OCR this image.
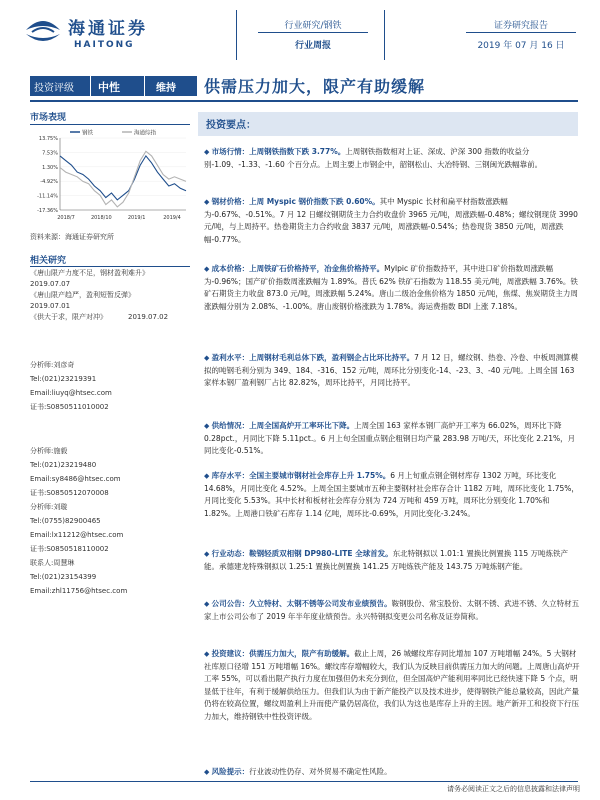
海通证券
HAITONG
行业研究/钢铁
行业周报
证券研究报告
2019 年 07 月 16 日
投资评级 中性	维持 供需压力加大，限产有助缓解
市场表现
钢铁	海通综指
13.75%
7.53%
1.30%
-4.92%
-11.14%
-17.36%
2018/7	2018/10	2019/1	2019/4
资料来源：海通证券研究所
相关研究
《唐山限产力度不足，钢材盈利难升》
2019.07.07
《唐山限产趋严，盈利短暂反弹》
2019.07.01
《供大于求，限产对冲》	2019.07.02
分析师:刘彦奇
Tel:(021)23219391
Email:liuyq@htsec.com
证书:S0850511010002
分析师:施毅
Tel:(021)23219480
Email:sy8486@htsec.com
证书:S0850512070008
分析师:刘璇
Tel:(0755)82900465
Email:lx11212@htsec.com
证书:S0850518110002
联系人:周慧琳
Tel:(021)23154399
Email:zhl11756@htsec.com
投资要点：
◆ 市场行情：上周钢铁指数下跌 3.77%。上周钢铁指数相对上证、深成、沪深 300 指数的收益分别-1.09、-1.33、-1.60 个百分点。上周主要上市钢企中，韶钢松山、大冶特钢、三钢闽光跌幅靠前。
◆ 钢材价格：上周 Myspic 钢价指数下跌 0.60%。其中 Myspic 长材和扁平材指数涨跌幅为-0.67%、-0.51%。7 月 12 日螺纹钢期货主力合约收盘价 3965 元/吨，周涨跌幅-0.48%；螺纹钢现货 3990 元/吨，与上周持平。热卷期货主力合约收盘 3837 元/吨，周涨跌幅-0.54%；热卷现货 3850 元/吨，周涨跌幅-0.77%。
◆ 成本价格：上周铁矿石价格持平，冶金焦价格持平。Mylpic 矿价指数持平，其中进口矿价指数周涨跌幅为-0.96%；国产矿价指数周涨跌幅为 1.89%。普氏 62% 铁矿石指数为 118.55 美元/吨，周涨跌幅 3.76%。铁矿石期货主力收盘 873.0 元/吨，周涨跌幅 5.24%。唐山二级冶金焦价格为 1850 元/吨，焦煤、焦炭期货主力周涨跌幅分别为 2.08%、-1.00%。唐山废钢价格涨跌为 1.78%。海运费指数 BDI 上涨 7.18%。
◆ 盈利水平：上周钢材毛利总体下跌，盈利钢企占比环比持平。7 月 12 日，螺纹钢、热卷、冷卷、中板周测算模拟的吨钢毛利分别为 349、184、-316、152 元/吨，周环比分别变化-14、-23、3、-40 元/吨。上周全国 163 家样本钢厂盈利钢厂占比 82.82%，周环比持平，月同比持平。
◆ 供给情况：上周全国高炉开工率环比下降。上周全国 163 家样本钢厂高炉开工率为 66.02%，周环比下降 0.28pct.，月同比下降 5.11pct.。6 月上旬全国重点钢企粗钢日均产量 283.98 万吨/天，环比变化 2.21%，月同比变化-0.51%。
◆ 库存水平：全国主要城市钢材社会库存上升 1.75%。6 月上旬重点钢企钢材库存 1302 万吨，环比变化 14.68%，月同比变化 4.52%。上周全国主要城市五种主要钢材社会库存合计 1182 万吨，周环比变化 1.75%，月同比变化 5.53%。其中长材和板材社会库存分别为 724 万吨和 459 万吨，周环比分别变化 1.70%和 1.82%。上周港口铁矿石库存 1.14 亿吨，周环比-0.69%，月同比变化-3.24%。
◆ 行业动态：鞍钢轻质双相钢 DP980-LITE 全球首发。东北特钢拟以 1.01:1 置换比例置换 115 万吨炼铁产能。承德建龙特殊钢拟以 1.25:1 置换比例置换 141.25 万吨炼铁产能及 143.75 万吨炼钢产能。
◆ 公司公告：久立特材、太钢不锈等公司发布业绩预告。鞍钢股份、常宝股份、太钢不锈、武进不锈、久立特材五家上市公司公布了 2019 年半年度业绩预告。永兴特钢拟变更公司名称及证券简称。
◆ 投资建议：供需压力加大，限产有助缓解。截止上周，26 城螺纹库存同比增加 107 万吨增幅 24%。5 大钢材社库原口径增 151 万吨增幅 16%。螺纹库存增幅较大，我们认为反映目前供需压力加大的问题。上周唐山高炉开工率 55%，可以看出限产执行力度在加强但仍未充分到位，但全国高炉产能利用率同比已经快速下降 5 个点，明显低于往年，有利于缓解供给压力。但我们认为由于新产能投产以及技术进步，使得钢铁产能总量较高，因此产量仍将在较高位置，螺纹周盈利上升而使产量仍居高位，我们认为这也是库存上升的主因。地产新开工和投资下行压力加大，维持钢铁中性投资评级。
◆ 风险提示：行业波动性仍存、对外贸易不确定性风险。
请务必阅读正文之后的信息披露和法律声明
